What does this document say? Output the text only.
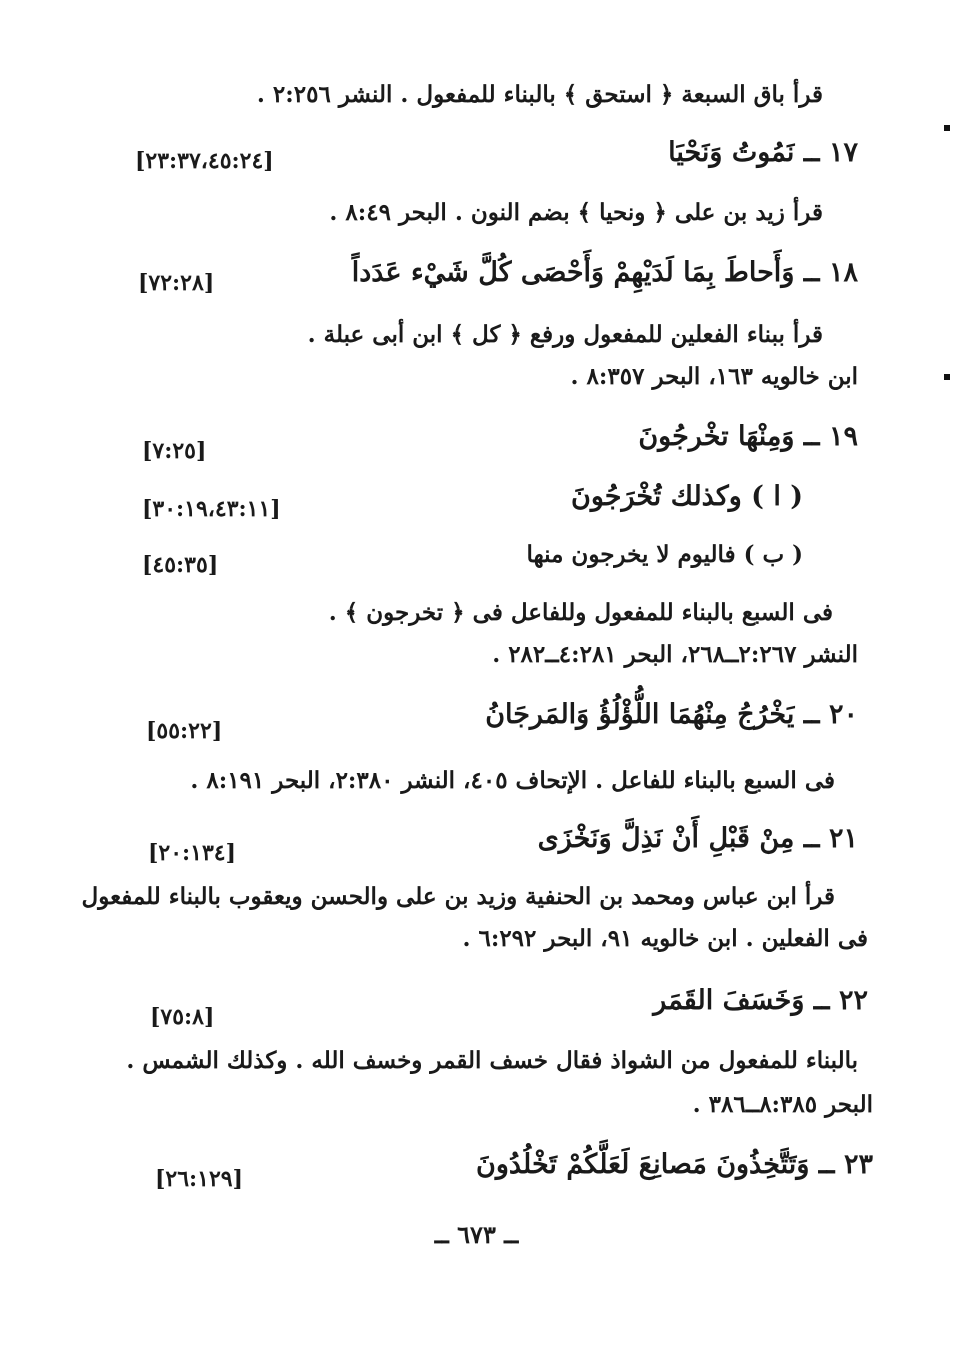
قرأ باق السبعة ﴿ استحق ﴾ بالبناء للمفعول . النشر ٢:٢٥٦ .
١٧ ــ نَمُوتُ وَنَحْيَا
[٢٣:٣٧،٤٥:٢٤]
قرأ زيد بن على ﴿ ونحيا ﴾ بضم النون . البحر ٨:٤٩ .
١٨ ــ وَأَحاطَ بِمَا لَدَيْهِمْ وَأَحْصَى كُلَّ شَيْء عَدَداً
[٧٢:٢٨]
قرأ ببناء الفعلين للمفعول ورفع ﴿ كل ﴾ ابن أبى عبلة .
ابن خالويه ١٦٣، البحر ٨:٣٥٧ .
١٩ ــ وَمِنْهَا تخْرجُونَ
[٧:٢٥]
( ا ) وكذلك تُخْرَجُونَ
[٣٠:١٩،٤٣:١١]
( ب ) فاليوم لا يخرجون منها
[٤٥:٣٥]
فى السبع بالبناء للمفعول وللفاعل فى ﴿ تخرجون ﴾ .
النشر ٢:٢٦٧ــ٢٦٨، البحر ٤:٢٨١ــ٢٨٢ .
٢٠ ــ يَخْرُجُ مِنْهُمَا اللُّؤْلُؤُ وَالمَرجَانُ
[٥٥:٢٢]
فى السبع بالبناء للفاعل . الإتحاف ٤٠٥، النشر ٢:٣٨٠، البحر ٨:١٩١ .
٢١ ــ مِنْ قَبْلِ أَنْ نَذِلَّ وَنَخْزَى
[٢٠:١٣٤]
قرأ ابن عباس ومحمد بن الحنفية وزيد بن على والحسن ويعقوب بالبناء للمفعول
فى الفعلين . ابن خالويه ٩١، البحر ٦:٢٩٢ .
٢٢ ــ وَخَسَفَ القَمَر
[٧٥:٨]
بالبناء للمفعول من الشواذ فقال خسف القمر وخسف الله . وكذلك الشمس .
البحر ٨:٣٨٥ــ٣٨٦ .
٢٣ ــ وَتَتَّخِذُونَ مَصانِعَ لَعَلَّكُمْ تَخْلُدُونَ
[٢٦:١٢٩]
ــ ٦٧٣ ــ
